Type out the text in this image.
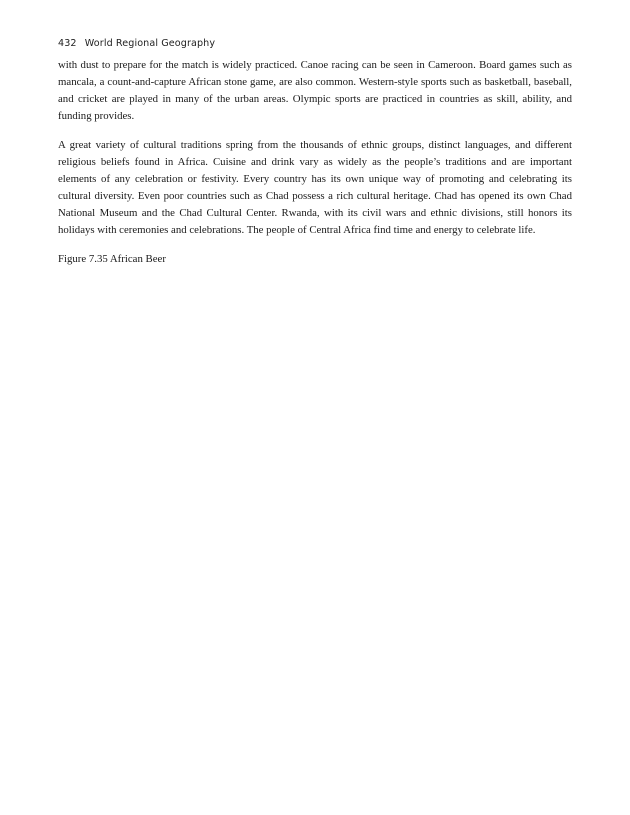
432 World Regional Geography

with dust to prepare for the match is widely practiced. Canoe racing can be seen in Cameroon. Board games such as mancala, a count-and-capture African stone game, are also common. Western-style sports such as basketball, baseball, and cricket are played in many of the urban areas. Olympic sports are practiced in countries as skill, ability, and funding provides.

A great variety of cultural traditions spring from the thousands of ethnic groups, distinct languages, and different religious beliefs found in Africa. Cuisine and drink vary as widely as the people’s traditions and are important elements of any celebration or festivity. Every country has its own unique way of promoting and celebrating its cultural diversity. Even poor countries such as Chad possess a rich cultural heritage. Chad has opened its own Chad National Museum and the Chad Cultural Center. Rwanda, with its civil wars and ethnic divisions, still honors its holidays with ceremonies and celebrations. The people of Central Africa find time and energy to celebrate life.

Figure 7.35 African Beer
